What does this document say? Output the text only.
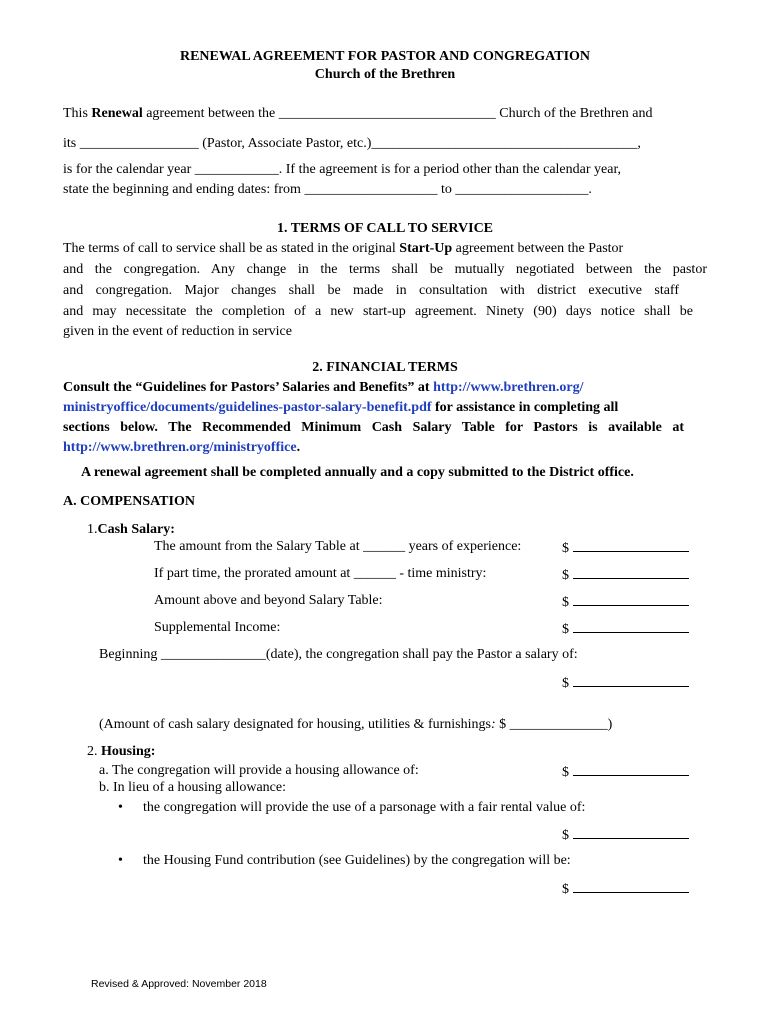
RENEWAL AGREEMENT FOR PASTOR AND CONGREGATION
Church of the Brethren
This Renewal agreement between the _______________________________ Church of the Brethren and
its _________________ (Pastor, Associate Pastor, etc.)______________________________________,
is for the calendar year ____________. If the agreement is for a period other than the calendar year,
state the beginning and ending dates: from ___________________ to ___________________.
1. TERMS OF CALL TO SERVICE
The terms of call to service shall be as stated in the original Start-Up agreement between the Pastor
and the congregation. Any change in the terms shall be mutually negotiated between the pastor
and congregation. Major changes shall be made in consultation with district executive staff
and may necessitate the completion of a new start-up agreement. Ninety (90) days notice shall be
given in the event of reduction in service
2. FINANCIAL TERMS
Consult the “Guidelines for Pastors’ Salaries and Benefits” at http://www.brethren.org/
ministryoffice/documents/guidelines-pastor-salary-benefit.pdf for assistance in completing all
sections below. The Recommended Minimum Cash Salary Table for Pastors is available at
http://www.brethren.org/ministryoffice.
A renewal agreement shall be completed annually and a copy submitted to the District office.
A. COMPENSATION
1.Cash Salary:
The amount from the Salary Table at ______ years of experience:	$
If part time, the prorated amount at ______ - time ministry:	$
Amount above and beyond Salary Table:	$
Supplemental Income:	$
Beginning _______________(date), the congregation shall pay the Pastor a salary of:
$
(Amount of cash salary designated for housing, utilities & furnishings: $ ______________)
2. Housing:
a. The congregation will provide a housing allowance of:	$
b. In lieu of a housing allowance:
• the congregation will provide the use of a parsonage with a fair rental value of:
$
• the Housing Fund contribution (see Guidelines) by the congregation will be:
$
Revised & Approved: November 2018
